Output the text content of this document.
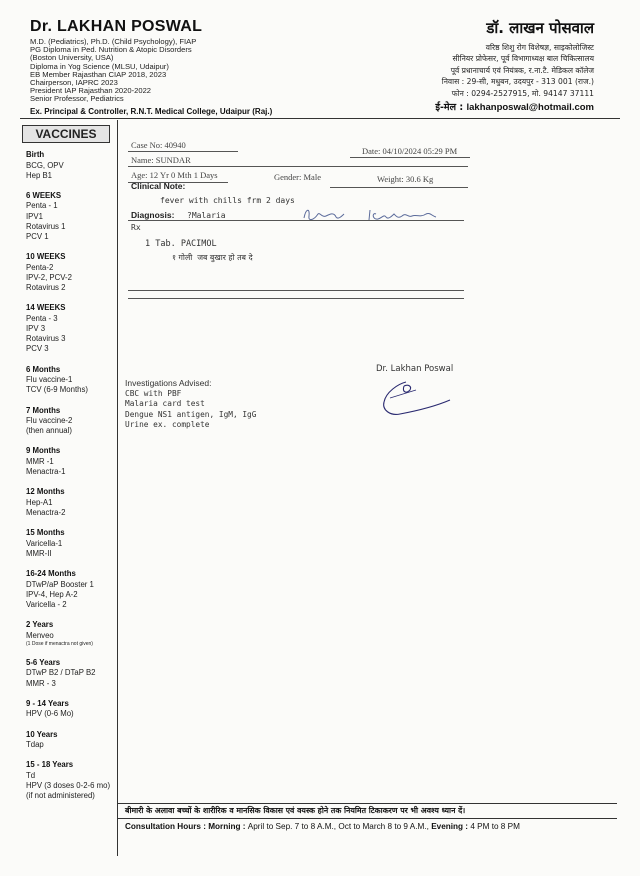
Dr. LAKHAN POSWAL
M.D. (Pediatrics), Ph.D. (Child Psychology), FIAP
PG Diploma in Ped. Nutrition & Atopic Disorders
(Boston University, USA)
Diploma in Yog Science (MLSU, Udaipur)
EB Member Rajasthan CIAP 2018, 2023
Chairperson, IAPRC 2023
President IAP Rajasthan 2020-2022
Senior Professor, Pediatrics
Ex. Principal & Controller, R.N.T. Medical College, Udaipur (Raj.)
डॉ. लाखन पोसवाल
वरिष्ठ शिशु रोग विशेषज्ञ, साइकोलोजिस्ट
सीनियर प्रोफेसर, पूर्व विभागाध्यक्ष बाल चिकित्सालय
पूर्व प्रधानाचार्य एवं नियंत्रक, र.ना.टै. मेडिकल कॉलेज
निवास : 29-सी, मधुबन, उदयपुर - 313 001 (राज.)
फोन : 0294-2527915, मो. 94147 37111
ई-मेल : lakhanposwal@hotmail.com
VACCINES
Birth
BCG, OPV
Hep B1
6 WEEKS
Penta - 1
IPV1
Rotavirus 1
PCV 1
10 WEEKS
Penta-2
IPV-2, PCV-2
Rotavirus 2
14 WEEKS
Penta - 3
IPV 3
Rotavirus 3
PCV 3
6 Months
Flu vaccine-1
TCV (6-9 Months)
7 Months
Flu vaccine-2
(then annual)
9 Months
MMR -1
Menactra-1
12 Months
Hep-A1
Menactra-2
15 Months
Varicella-1
MMR-II
16-24 Months
DTwP/aP Booster 1
IPV-4, Hep A-2
Varicella - 2
2 Years
Menveo
(1 Dose if menactra not given)
5-6 Years
DTwP B2 / DTaP B2
MMR - 3
9 - 14 Years
HPV (0-6 Mo)
10 Years
Tdap
15 - 18 Years
Td
HPV (3 doses 0-2-6 mo)
(if not administered)
Case No: 40940
Date: 04/10/2024 05:29 PM
Name: SUNDAR
Age: 12 Yr 0 Mth 1 Days	Gender: Male	Weight: 30.6 Kg
Clinical Note:
fever with chills frm 2 days
Diagnosis: ?Malaria
Rx
1 Tab. PACIMOL
१ गोली  जब बुखार हो तब दे
Dr. Lakhan Poswal
Investigations Advised:
CBC with PBF
Malaria card test
Dengue NS1 antigen, IgM, IgG
Urine ex. complete
बीमारी के अलावा बच्चों के शारीरिक व मानसिक विकास एवं वयस्क होने तक नियमित टिकाकरण पर भी अवश्य ध्यान दें।
Consultation Hours : Morning : April to Sep. 7 to 8 A.M., Oct to March 8 to 9 A.M., Evening : 4 PM to 8 PM
